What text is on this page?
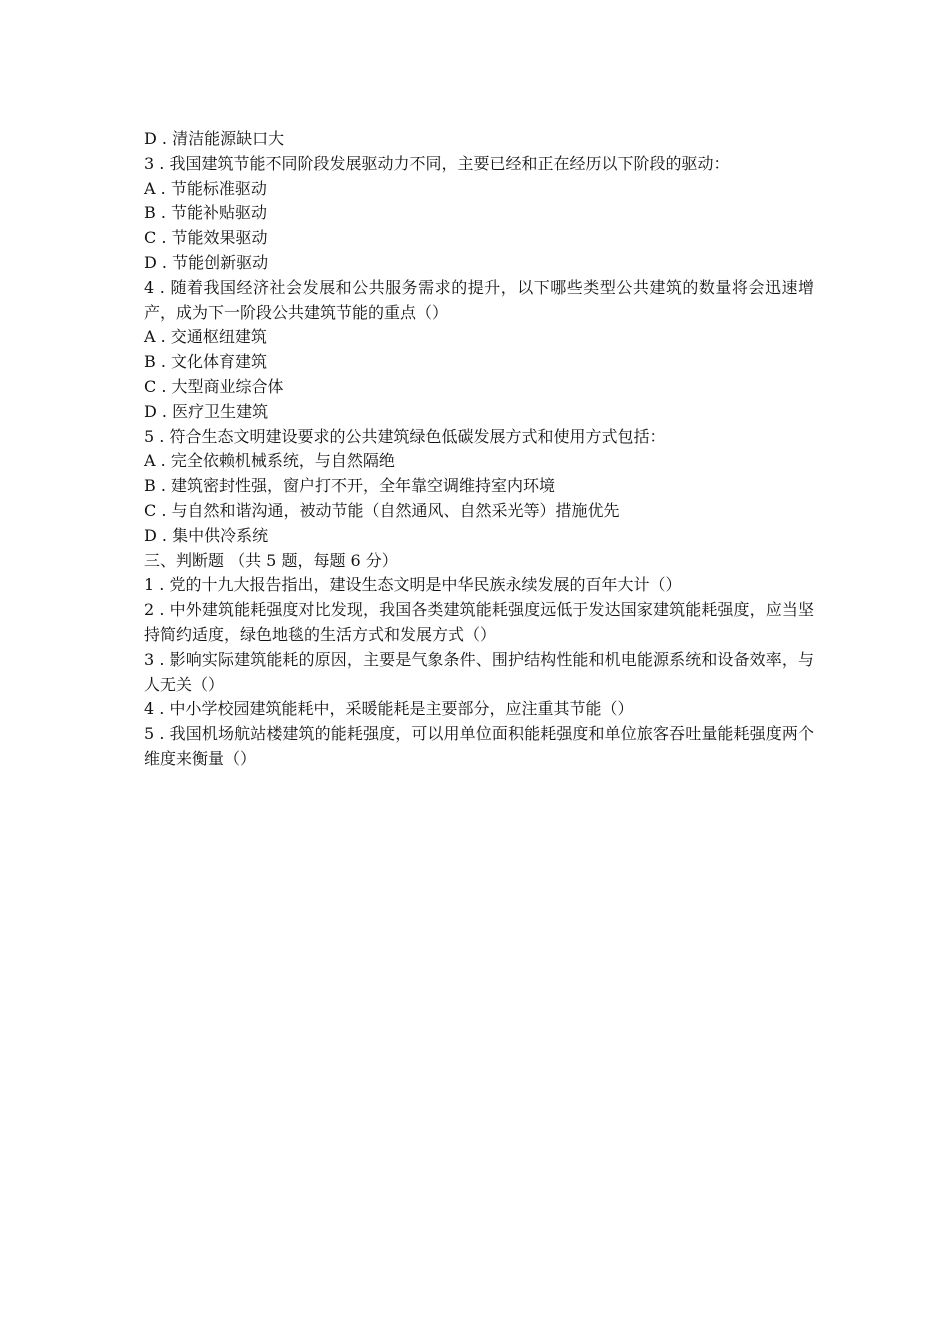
D . 清洁能源缺口大

3 . 我国建筑节能不同阶段发展驱动力不同，主要已经和正在经历以下阶段的驱动：

A . 节能标准驱动

B . 节能补贴驱动

C . 节能效果驱动

D . 节能创新驱动

4 . 随着我国经济社会发展和公共服务需求的提升，以下哪些类型公共建筑的数量将会迅速增产，成为下一阶段公共建筑节能的重点（）

A . 交通枢纽建筑

B . 文化体育建筑

C . 大型商业综合体

D . 医疗卫生建筑

5 . 符合生态文明建设要求的公共建筑绿色低碳发展方式和使用方式包括：

A . 完全依赖机械系统，与自然隔绝

B . 建筑密封性强，窗户打不开，全年靠空调维持室内环境

C . 与自然和谐沟通，被动节能（自然通风、自然采光等）措施优先

D . 集中供冷系统

三、判断题 （共 5 题，每题 6 分）

1 . 党的十九大报告指出，建设生态文明是中华民族永续发展的百年大计（）

2 . 中外建筑能耗强度对比发现，我国各类建筑能耗强度远低于发达国家建筑能耗强度，应当坚持简约适度，绿色地毯的生活方式和发展方式（）

3 . 影响实际建筑能耗的原因，主要是气象条件、围护结构性能和机电能源系统和设备效率，与人无关（）

4 . 中小学校园建筑能耗中，采暖能耗是主要部分，应注重其节能（）

5 . 我国机场航站楼建筑的能耗强度，可以用单位面积能耗强度和单位旅客吞吐量能耗强度两个维度来衡量（）
